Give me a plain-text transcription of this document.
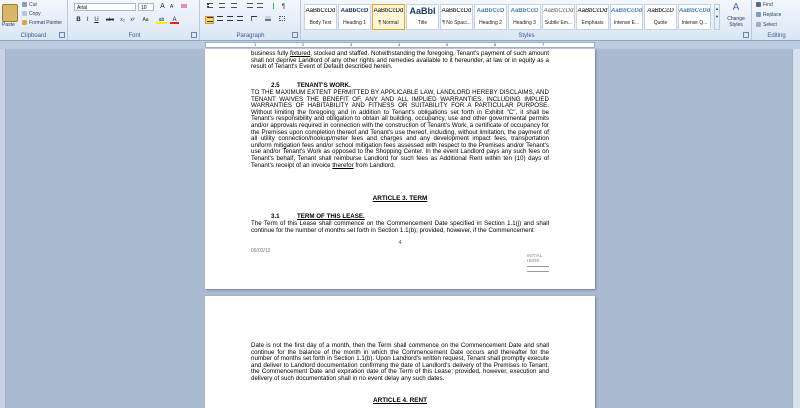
Paste
Cut
Copy
Format Painter
Clipboard
Arial	10	A	A
B I	U	abc	x₂	x²	Aa	ab	A
Font
¶
Paragraph
AaBbCcDd
Body Text
AaBbCcD
Heading 1
AaBbCcDd
¶ Normal
AaBbI
Title
AaBbCcDd
¶ No Spaci...
AaBbCcD
Heading 2
AaBbCcD
Heading 3
AaBbCcDd
Subtle Em...
AaBbCcDd
Emphasis
AaBbCcDd
Intense E...
AaBbCcD
Quote
AaBbCcDd
Intense Q...
▲
▼
A
Change Styles
Styles
Find
Replace
Select
Editing
1	2	3	4	5	6	7
business fully fixtured, stocked and staffed. Notwithstanding the foregoing, Tenant's payment of such amount shall not deprive Landlord of any other rights and remedies available to it hereunder, at law or in equity as a result of Tenant's Event of Default described herein.
2.5	TENANT'S WORK.
TO THE MAXIMUM EXTENT PERMITTED BY APPLICABLE LAW, LANDLORD HEREBY DISCLAIMS, AND TENANT WAIVES THE BENEFIT OF, ANY AND ALL IMPLIED WARRANTIES, INCLUDING IMPLIED WARRANTIES OF HABITABILITY AND FITNESS OR SUITABILITY FOR A PARTICULAR PURPOSE. Without limiting the foregoing and in addition to Tenant's obligations set forth in Exhibit "C", it shall be Tenant's responsibility and obligation to obtain all building, occupancy, use and other governmental permits and/or approvals required in connection with the construction of Tenant's Work, a certificate of occupancy for the Premises upon completion thereof and Tenant's use thereof, including, without limitation, the payment of all utility connection/hookup/meter fees and charges and any development impact fees, transportation uniform mitigation fees and/or school mitigation fees assessed with respect to the Premises and/or Tenant's use and/or Tenant's Work as opposed to the Shopping Center. In the event Landlord pays any such fees on Tenant's behalf, Tenant shall reimburse Landlord for such fees as Additional Rent within ten (10) days of Tenant's receipt of an invoice therefor from Landlord.
ARTICLE 3. TERM
3.1	TERM OF THIS LEASE.
The Term of this Lease shall commence on the Commencement Date specified in Section 1.1(j) and shall continue for the number of months set forth in Section 1.1(b); provided, however, if the Commencement
4
06/03/13
INITIAL HERE
Date is not the first day of a month, then the Term shall commence on the Commencement Date and shall continue for the balance of the month in which the Commencement Date occurs and thereafter for the number of months set forth in Section 1.1(b). Upon Landlord's written request, Tenant shall promptly execute and deliver to Landlord documentation confirming the date of Landlord's delivery of the Premises to Tenant, the Commencement Date and expiration date of the Term of this Lease; provided, however, execution and delivery of such documentation shall in no event delay any such dates.
ARTICLE 4. RENT
